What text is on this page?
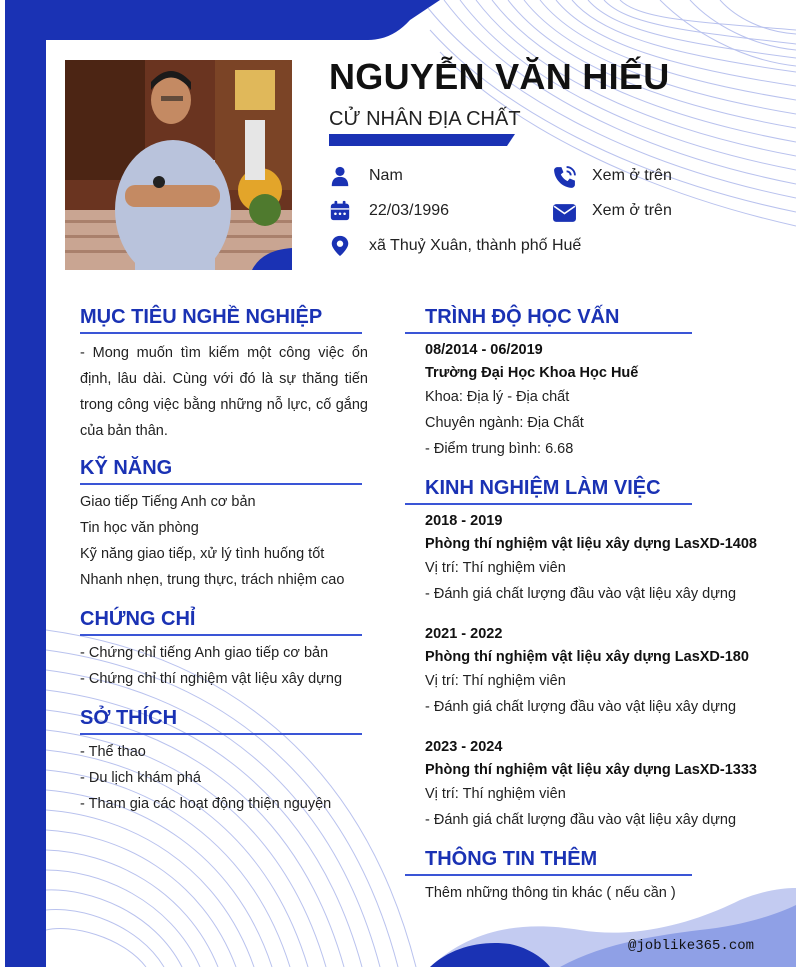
NGUYỄN VĂN HIẾU
CỬ NHÂN ĐỊA CHẤT
Nam
22/03/1996
xã Thuỷ Xuân, thành phố Huế
Xem ở trên
Xem ở trên
MỤC TIÊU NGHỀ NGHIỆP
- Mong muốn tìm kiếm một công việc ổn định, lâu dài. Cùng với đó là sự thăng tiến trong công việc bằng những nỗ lực, cố gắng của bản thân.
KỸ NĂNG
Giao tiếp Tiếng Anh cơ bản
Tin học văn phòng
Kỹ năng giao tiếp, xử lý tình huống tốt
Nhanh nhẹn, trung thực, trách nhiệm cao
CHỨNG CHỈ
- Chứng chỉ tiếng Anh giao tiếp cơ bản
- Chứng chỉ thí nghiệm vật liệu xây dựng
SỞ THÍCH
- Thể thao
- Du lịch khám phá
- Tham gia các hoạt động thiện nguyện
TRÌNH ĐỘ HỌC VẤN
08/2014 - 06/2019
Trường Đại Học Khoa Học Huế
Khoa: Địa lý - Địa chất
Chuyên ngành: Địa Chất
- Điểm trung bình: 6.68
KINH NGHIỆM LÀM VIỆC
2018 - 2019
Phòng thí nghiệm vật liệu xây dựng LasXD-1408
Vị trí: Thí nghiệm viên
- Đánh giá chất lượng đầu vào vật liệu xây dựng
2021 - 2022
Phòng thí nghiệm vật liệu xây dựng LasXD-180
Vị trí: Thí nghiệm viên
- Đánh giá chất lượng đầu vào vật liệu xây dựng
2023 - 2024
Phòng thí nghiệm vật liệu xây dựng LasXD-1333
Vị trí: Thí nghiệm viên
- Đánh giá chất lượng đầu vào vật liệu xây dựng
THÔNG TIN THÊM
Thêm những thông tin khác ( nếu cần )
@joblike365.com
